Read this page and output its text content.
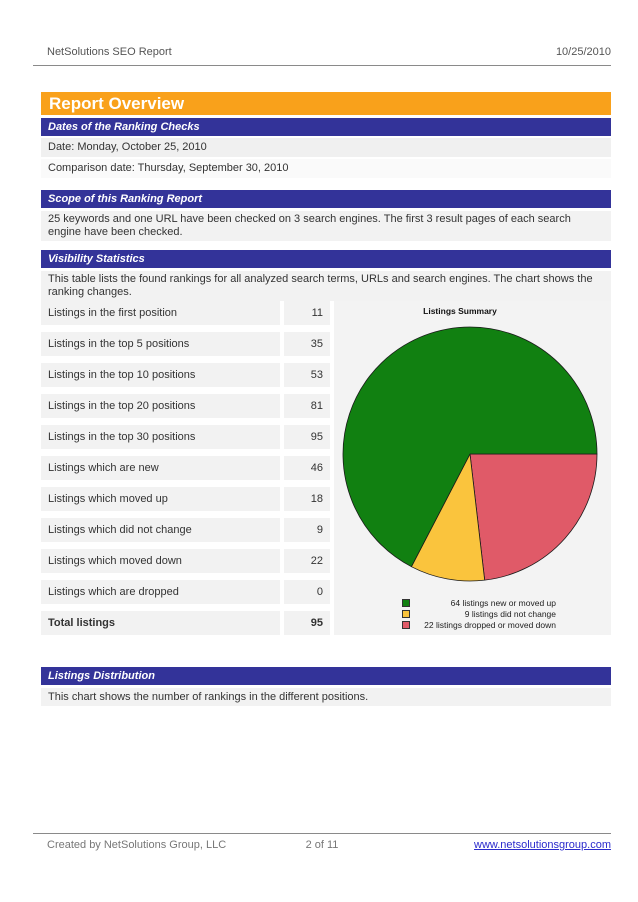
NetSolutions SEO Report	10/25/2010
Report Overview
Dates of the Ranking Checks
Date: Monday, October 25, 2010
Comparison date: Thursday, September 30, 2010
Scope of this Ranking Report
25 keywords and one URL have been checked on 3 search engines. The first 3 result pages of each search engine have been checked.
Visibility Statistics
This table lists the found rankings for all analyzed search terms, URLs and search engines. The chart shows the ranking changes.
Listings in the first position	11
Listings in the top 5 positions	35
Listings in the top 10 positions	53
Listings in the top 20 positions	81
Listings in the top 30 positions	95
Listings which are new	46
Listings which moved up	18
Listings which did not change	9
Listings which moved down	22
Listings which are dropped	0
Total listings	95
Listings Summary
64 listings new or moved up
9 listings did not change
22 listings dropped or moved down
Listings Distribution
This chart shows the number of rankings in the different positions.
Created by NetSolutions Group, LLC	2 of 11	www.netsolutionsgroup.com
